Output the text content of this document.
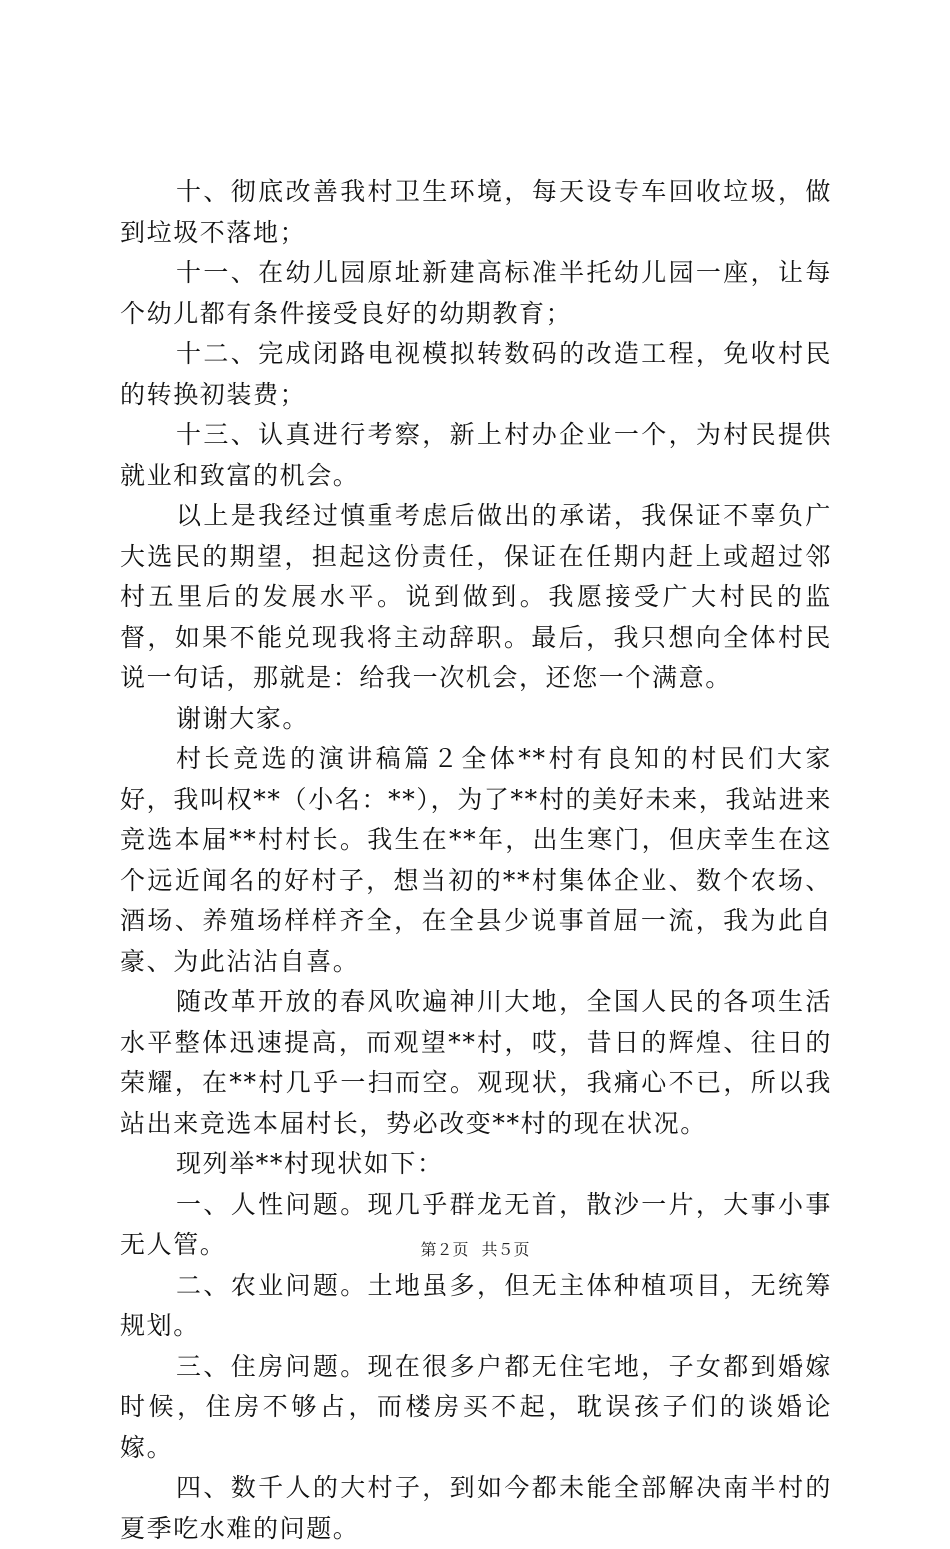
十、彻底改善我村卫生环境，每天设专车回收垃圾，做到垃圾不落地；

十一、在幼儿园原址新建高标准半托幼儿园一座，让每个幼儿都有条件接受良好的幼期教育；

十二、完成闭路电视模拟转数码的改造工程，免收村民的转换初装费；

十三、认真进行考察，新上村办企业一个，为村民提供就业和致富的机会。

以上是我经过慎重考虑后做出的承诺，我保证不辜负广大选民的期望，担起这份责任，保证在任期内赶上或超过邻村五里后的发展水平。说到做到。我愿接受广大村民的监督，如果不能兑现我将主动辞职。最后，我只想向全体村民说一句话，那就是：给我一次机会，还您一个满意。

谢谢大家。

村长竞选的演讲稿篇２全体**村有良知的村民们大家好，我叫权**（小名：**），为了**村的美好未来，我站进来竞选本届**村村长。我生在**年，出生寒门，但庆幸生在这个远近闻名的好村子，想当初的**村集体企业、数个农场、酒场、养殖场样样齐全，在全县少说事首屈一流，我为此自豪、为此沾沾自喜。

随改革开放的春风吹遍神川大地，全国人民的各项生活水平整体迅速提高，而观望**村，哎，昔日的辉煌、往日的荣耀，在**村几乎一扫而空。观现状，我痛心不已，所以我站出来竞选本届村长，势必改变**村的现在状况。

现列举**村现状如下：

一、人性问题。现几乎群龙无首，散沙一片，大事小事无人管。

二、农业问题。土地虽多，但无主体种植项目，无统筹规划。

三、住房问题。现在很多户都无住宅地，子女都到婚嫁时候，住房不够占，而楼房买不起，耽误孩子们的谈婚论嫁。

四、数千人的大村子，到如今都未能全部解决南半村的夏季吃水难的问题。

第２页 共５页
